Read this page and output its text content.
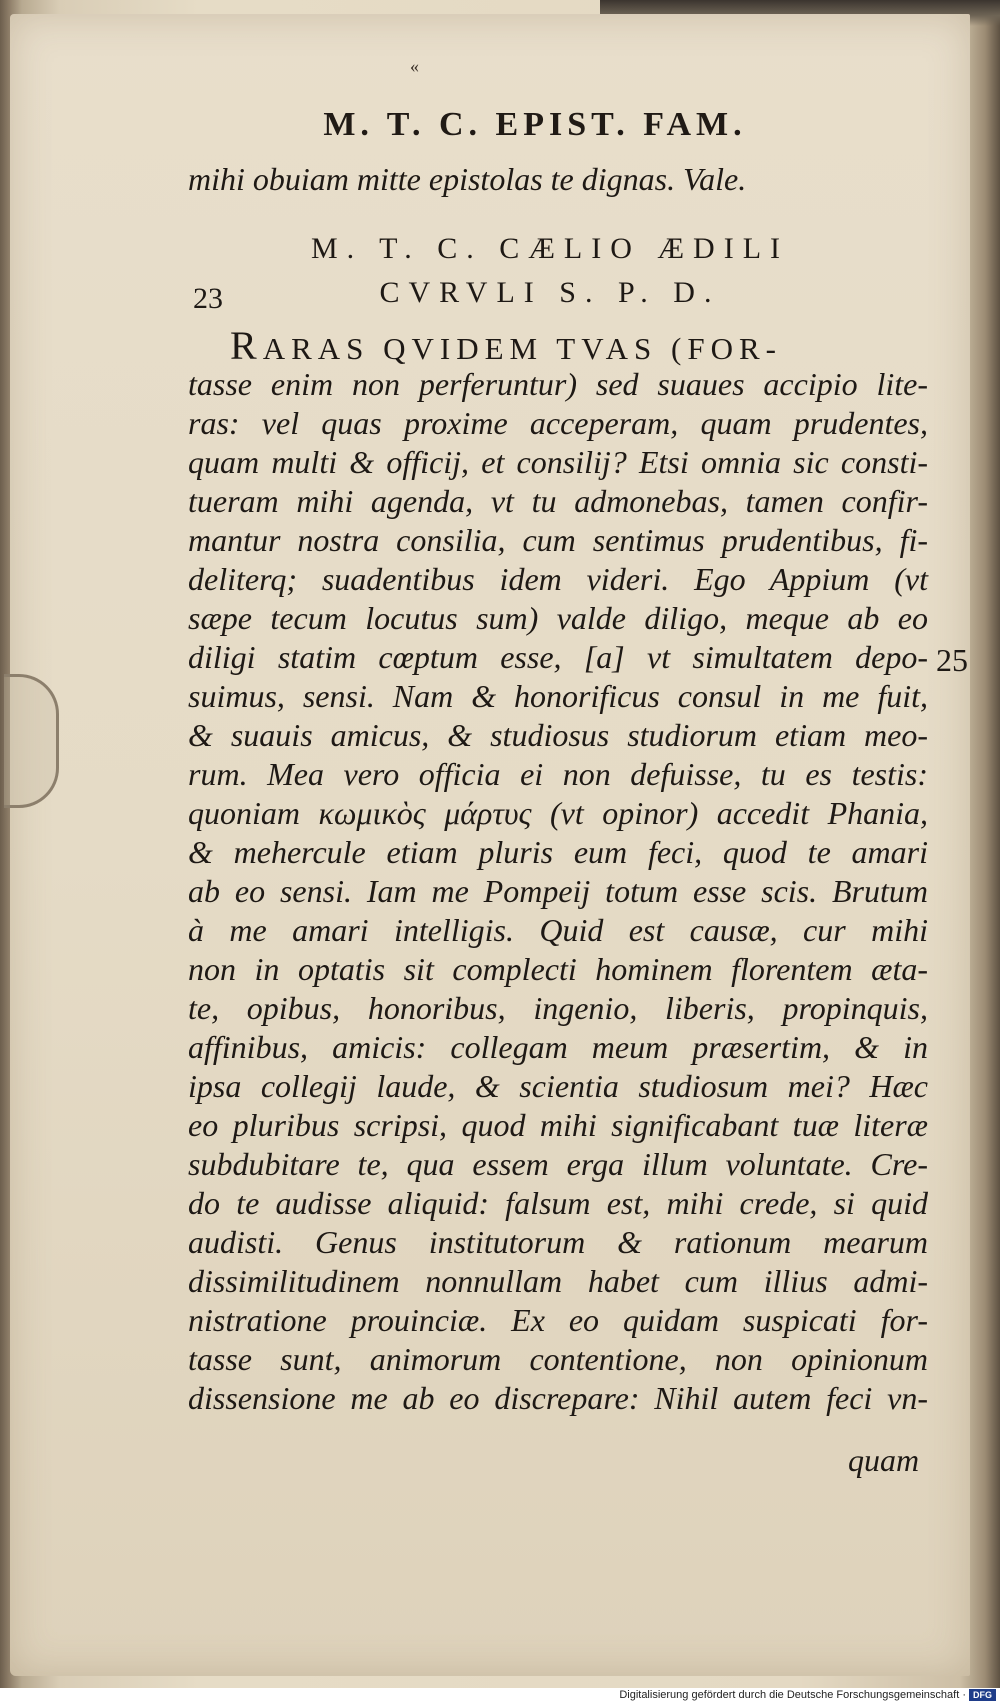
«
M. T. C. EPIST. FAM.
mihi obuiam mitte epistolas te dignas. Vale.
M. T. C. CÆLIO ÆDILI
23	CVRVLI S. P. D.
RARAS QVIDEM TVAS (FOR-
tasse enim non perferuntur) sed suaues accipio lite-
ras: vel quas proxime acceperam, quam prudentes,
quam multi & officij, et consilij? Etsi omnia sic consti-
tueram mihi agenda, vt tu admonebas, tamen confir-
mantur nostra consilia, cum sentimus prudentibus, fi-
deliterq; suadentibus idem videri. Ego Appium (vt
sæpe tecum locutus sum) valde diligo, meque ab eo
diligi statim cœptum esse, [a] vt simultatem depo-
suimus, sensi. Nam & honorificus consul in me fuit,
& suauis amicus, & studiosus studiorum etiam meo-
rum. Mea vero officia ei non defuisse, tu es testis:
quoniam κωμικὸς μάρτυς (vt opinor) accedit Phania,
& mehercule etiam pluris eum feci, quod te amari
ab eo sensi. Iam me Pompeij totum esse scis. Brutum
à me amari intelligis. Quid est causæ, cur mihi
non in optatis sit complecti hominem florentem æta-
te, opibus, honoribus, ingenio, liberis, propinquis,
affinibus, amicis: collegam meum præsertim, & in
ipsa collegij laude, & scientia studiosum mei? Hæc
eo pluribus scripsi, quod mihi significabant tuæ literæ
subdubitare te, qua essem erga illum voluntate. Cre-
do te audisse aliquid: falsum est, mihi crede, si quid
audisti. Genus institutorum & rationum mearum
dissimilitudinem nonnullam habet cum illius admi-
nistratione prouinciæ. Ex eo quidam suspicati for-
tasse sunt, animorum contentione, non opinionum
dissensione me ab eo discrepare: Nihil autem feci vn-
25
quam
Digitalisierung gefördert durch die Deutsche Forschungsgemeinschaft · DFG
